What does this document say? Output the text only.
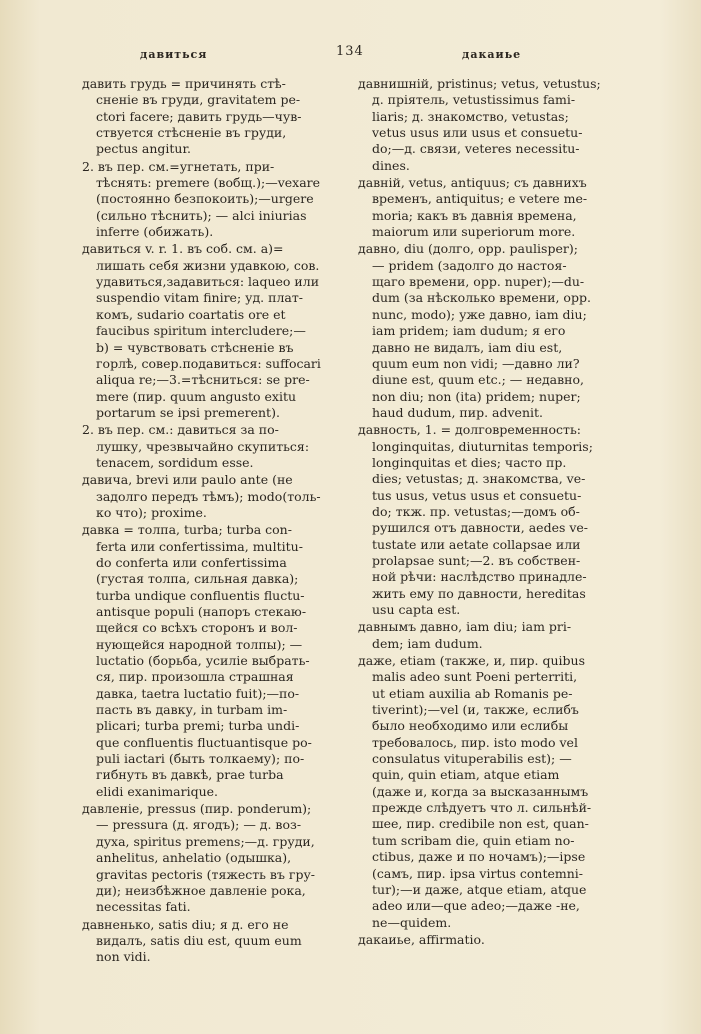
давиться	134	дакаиье
давить грудь = причинять стѣ-
сненіе въ груди, gravitatem pe-
ctori facere; давить грудь—чув-
ствуется стѣсненіе въ груди,
pectus angitur.
2. въ пер. см.=угнетать, при-
тѣснять: premere (вобщ.);—vexare
(постоянно безпокоить);—urgere
(сильно тѣснить); — alci iniurias
inferre (обижать).
давиться v. r. 1. въ соб. см. a)=
лишать себя жизни удавкою, сов.
удавиться,задавиться: laqueo или
suspendio vitam finire; уд. плат-
комъ, sudario coartatis ore et
faucibus spiritum intercludere;—
b) = чувствовать стѣсненіе въ
горлѣ, совер.подавиться: suffocari
aliqua re;—3.=тѣсниться: se pre-
mere (пир. quum angusto exitu
portarum se ipsi premerent).
2. въ пер. см.: давиться за по-
лушку, чрезвычайно скупиться:
tenacem, sordidum esse.
давича, brevi или paulo ante (не
задолго передъ тѣмъ); modo(толь-
ко что); proxime.
давка = толпа, turba; turba con-
ferta или confertissima, multitu-
do conferta или confertissima
(густая толпа, сильная давка);
turba undique confluentis fluctu-
antisque populi (напоръ стекаю-
щейся со всѣхъ сторонъ и вол-
нующейся народной толпы); —
luctatio (борьба, усиліе выбрать-
ся, пир. произошла страшная
давка, taetra luctatio fuit);—по-
пасть въ давку, in turbam im-
plicari; turba premi; turba undi-
que confluentis fluctuantisque po-
puli iactari (быть толкаему); по-
гибнуть въ давкѣ, prae turba
elidi exanimarique.
давленіе, pressus (пир. ponderum);
— pressura (д. ягодъ); — д. воз-
духа, spiritus premens;—д. груди,
anhelitus, anhelatio (одышка),
gravitas pectoris (тяжесть въ гру-
ди); неизбѣжное давленіе рока,
necessitas fati.
давненько, satis diu; я д. его не
видалъ, satis diu est, quum eum
non vidi.
давнишній, pristinus; vetus, vetustus;
д. пріятель, vetustissimus fami-
liaris; д. знакомство, vetustas;
vetus usus или usus et consuetu-
do;—д. связи, veteres necessitu-
dines.
давній, vetus, antiquus; съ давнихъ
временъ, antiquitus; e vetere me-
moria; какъ въ давнія времена,
maiorum или superiorum more.
давно, diu (долго, opp. paulisper);
— pridem (задолго до настоя-
щаго времени, opp. nuper);—du-
dum (за нѣсколько времени, opp.
nunc, modo); уже давно, iam diu;
iam pridem; iam dudum; я его
давно не видалъ, iam diu est,
quum eum non vidi; —давно ли?
diune est, quum etc.; — недавно,
non diu; non (ita) pridem; nuper;
haud dudum, пир. advenit.
давность, 1. = долговременность:
longinquitas, diuturnitas temporis;
longinquitas et dies; часто пр.
dies; vetustas; д. знакомства, ve-
tus usus, vetus usus et consuetu-
do; ткж. пр. vetustas;—домъ об-
рушился отъ давности, aedes ve-
tustate или aetate collapsae или
prolapsae sunt;—2. въ собствен-
ной рѣчи: наслѣдство принадле-
жить ему по давности, hereditas
usu capta est.
давнымъ давно, iam diu; iam pri-
dem; iam dudum.
даже, etiam (также, и, пир. quibus
malis adeo sunt Poeni perterriti,
ut etiam auxilia ab Romanis pe-
tiverint);—vel (и, также, еслибъ
было необходимо или еслибы
требовалось, пир. isto modo vel
consulatus vituperabilis est); —
quin, quin etiam, atque etiam
(даже и, когда за высказаннымъ
прежде слѣдуетъ что л. сильнѣй-
шее, пир. credibile non est, quan-
tum scribam die, quin etiam no-
ctibus, даже и по ночамъ);—ipse
(самъ, пир. ipsa virtus contemni-
tur);—и даже, atque etiam, atque
adeo или—que adeo;—даже -не,
ne—quidem.
дакаиье, affirmatio.
